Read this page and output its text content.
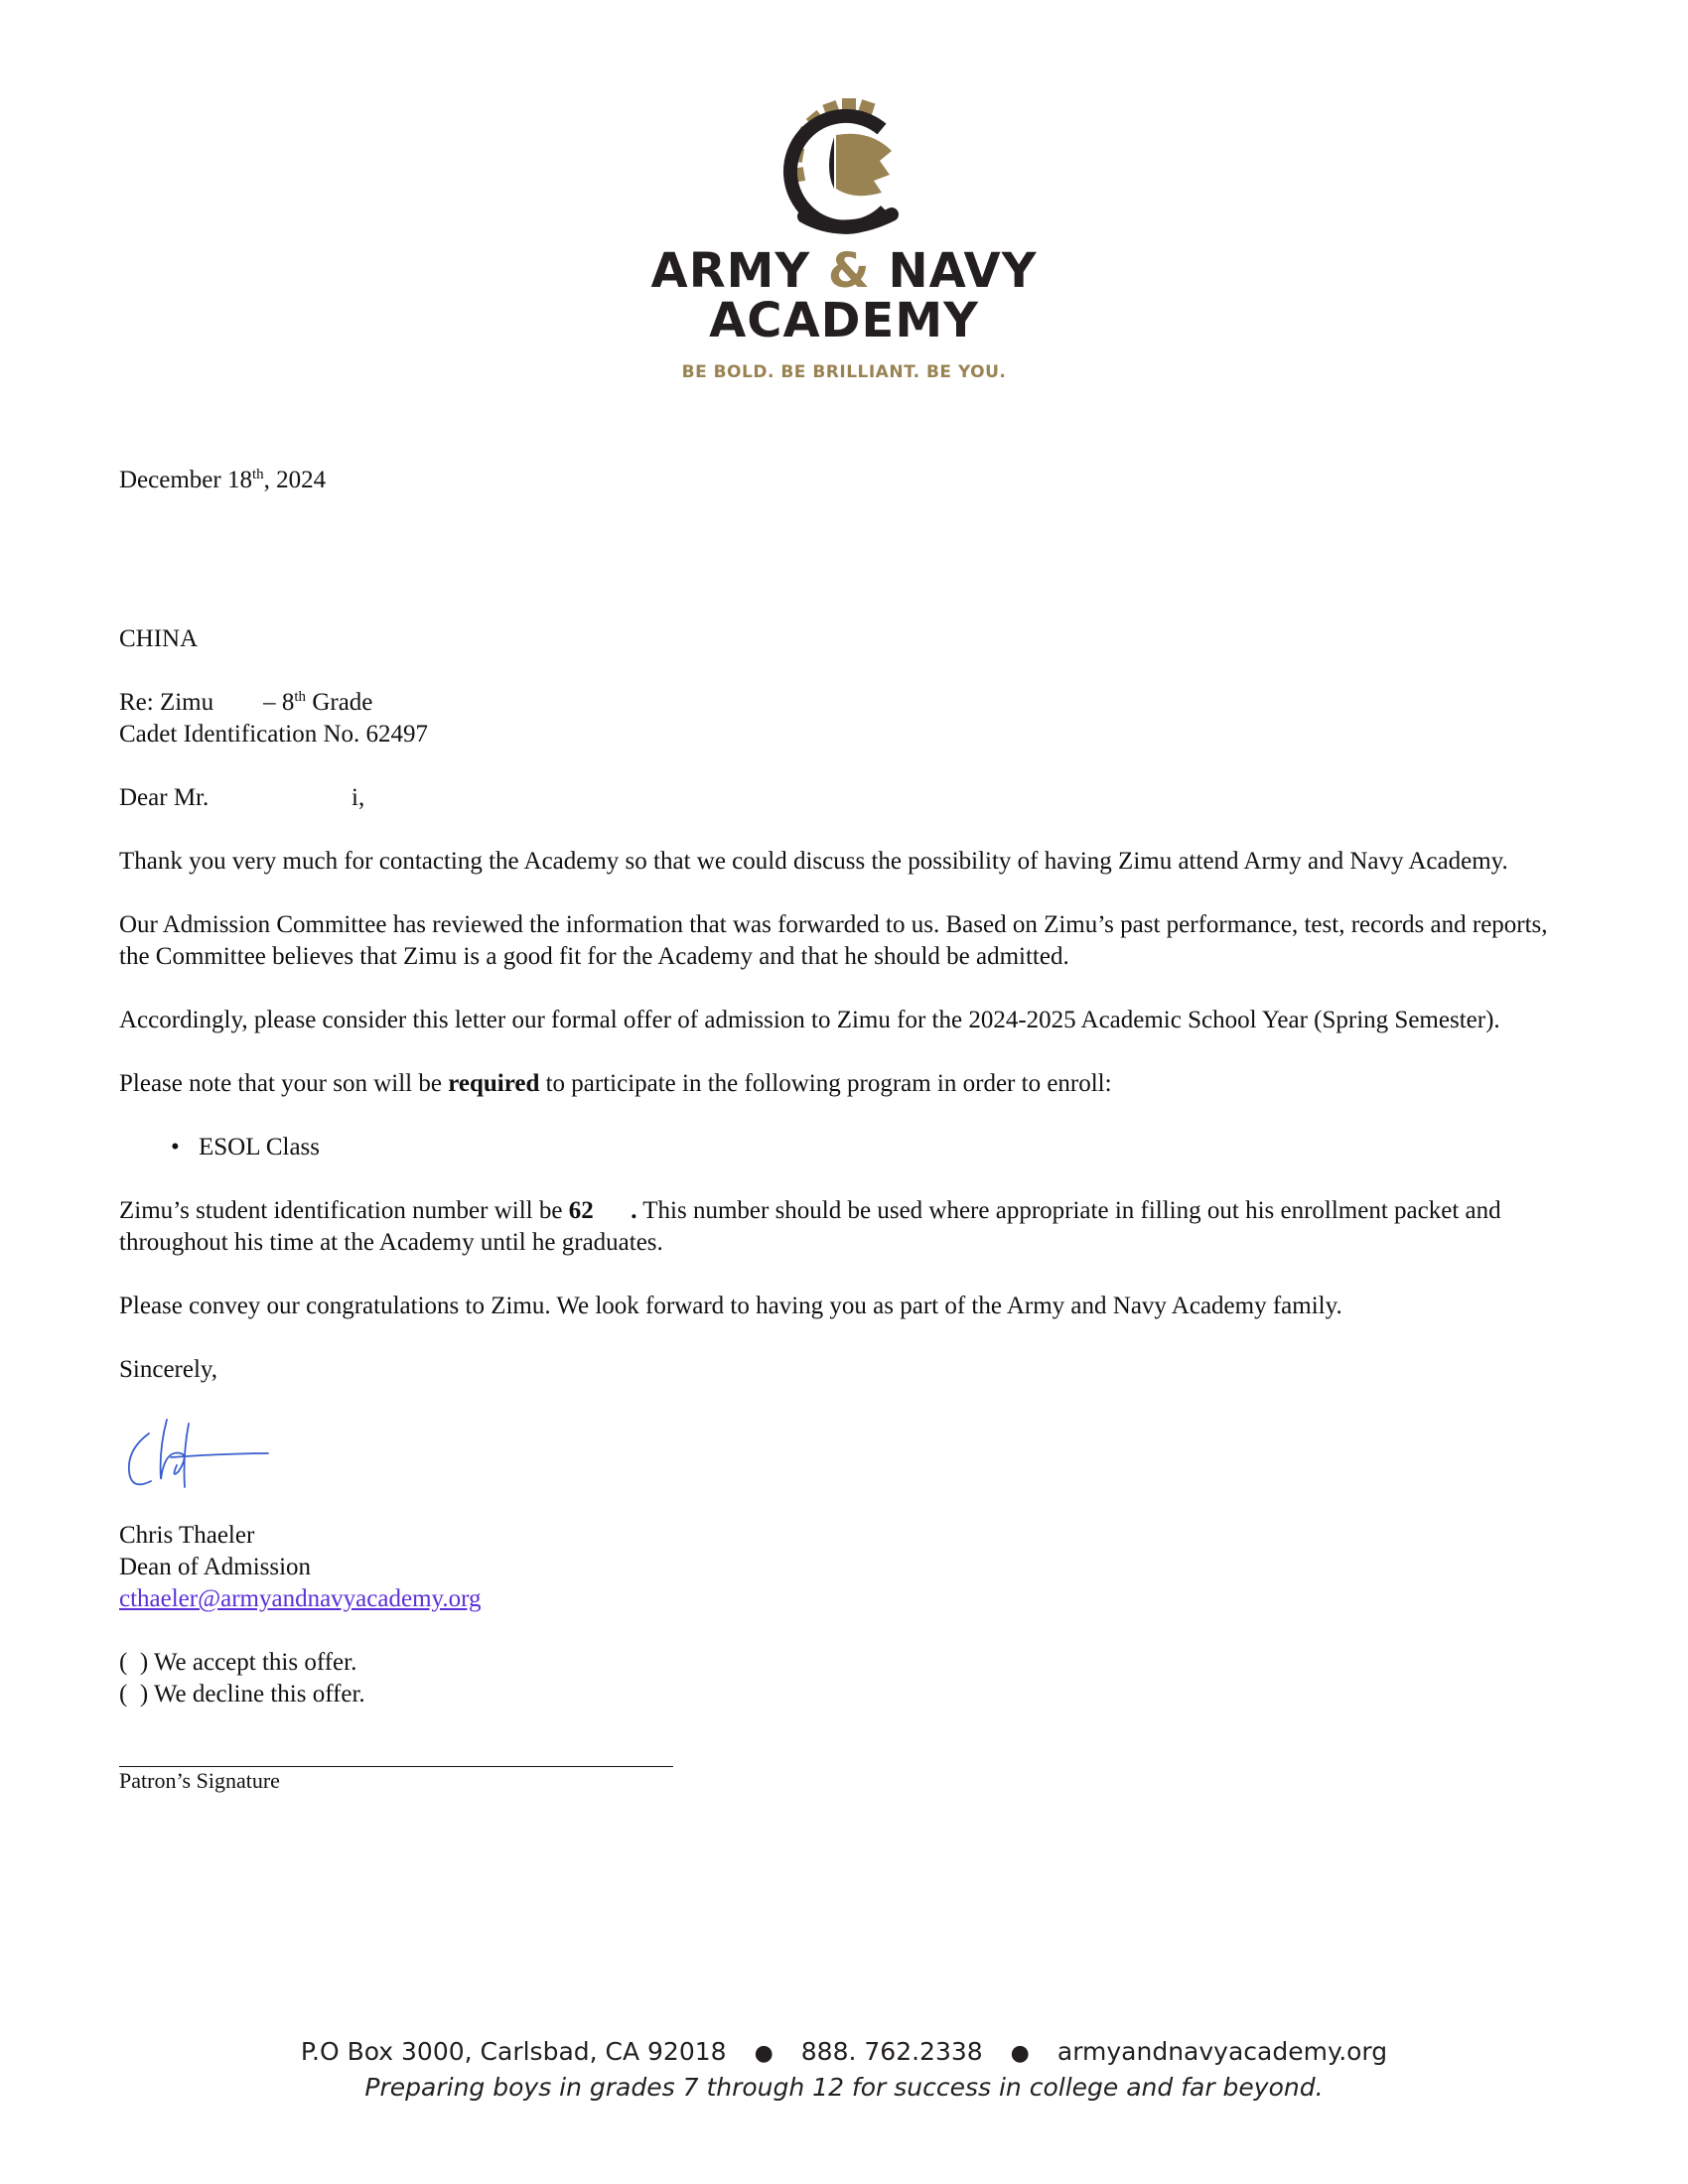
ARMY & NAVY
ACADEMY
BE BOLD. BE BRILLIANT. BE YOU.

December 18th, 2024

CHINA

Re: Zimu        – 8th Grade

Cadet Identification No. 62497

Dear Mr.                       i,

Thank you very much for contacting the Academy so that we could discuss the possibility of having Zimu attend Army and Navy Academy.

Our Admission Committee has reviewed the information that was forwarded to us. Based on Zimu’s past performance, test, records and reports, the Committee believes that Zimu is a good fit for the Academy and that he should be admitted.

Accordingly, please consider this letter our formal offer of admission to Zimu for the 2024-2025 Academic School Year (Spring Semester).

Please note that your son will be required to participate in the following program in order to enroll:

• ESOL Class

Zimu’s student identification number will be 62      . This number should be used where appropriate in filling out his enrollment packet and throughout his time at the Academy until he graduates.

Please convey our congratulations to Zimu. We look forward to having you as part of the Army and Navy Academy family.

Sincerely,

Chris Thaeler

Dean of Admission

cthaeler@armyandnavyacademy.org

(  ) We accept this offer.

(  ) We decline this offer.

Patron’s Signature

P.O Box 3000, Carlsbad, CA 92018 ● 888. 762.2338 ● armyandnavyacademy.org
Preparing boys in grades 7 through 12 for success in college and far beyond.
